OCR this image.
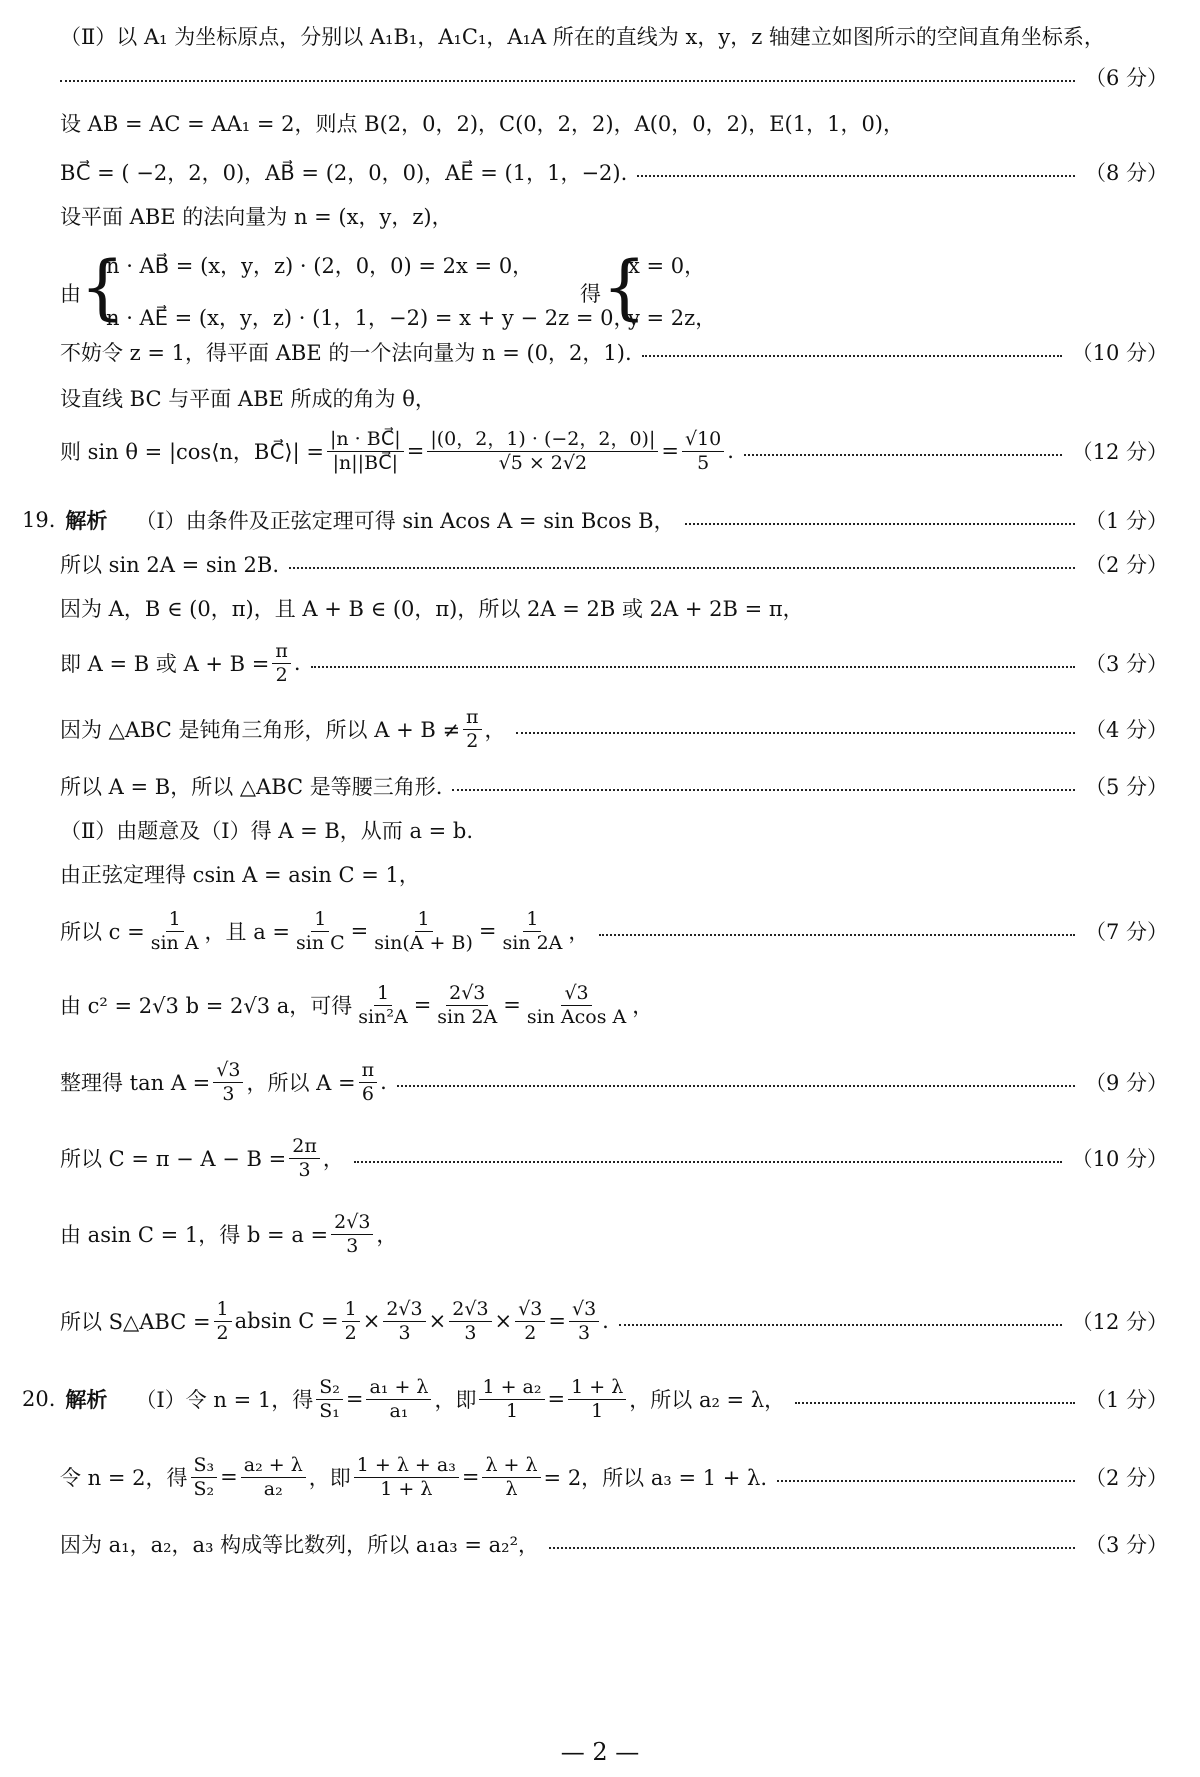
（Ⅱ）以 A₁ 为坐标原点，分别以 A₁B₁，A₁C₁，A₁A 所在的直线为 x，y，z 轴建立如图所示的空间直角坐标系，
（6 分）
设 AB = AC = AA₁ = 2，则点 B(2，0，2)，C(0，2，2)，A(0，0，2)，E(1，1，0)，
BC⃗ = ( −2，2，0)，AB⃗ = (2，0，0)，AE⃗ = (1，1，−2).	（8 分）
设平面 ABE 的法向量为 n = (x，y，z)，
由 {
n · AB⃗ = (x，y，z) · (2，0，0) = 2x = 0，
n · AE⃗ = (x，y，z) · (1，1，−2) = x + y − 2z = 0，
得 {
x = 0，
y = 2z，
不妨令 z = 1，得平面 ABE 的一个法向量为 n = (0，2，1).	（10 分）
设直线 BC 与平面 ABE 所成的角为 θ，
则 sin θ = |cos⟨n，BC⃗⟩| = $\frac{|n \cdot BC⃗|}{|n||BC⃗|} = \frac{|(0,2,1) \cdot (-2,2,0)|}{√5 \times 2√2} = \frac{√10}{5}$ .	（12 分）
19. 解析 （Ⅰ）由条件及正弦定理可得 sin Acos A = sin Bcos B，	（1 分）
所以 sin 2A = sin 2B.	（2 分）
因为 A，B ∈ (0，π)，且 A + B ∈ (0，π)，所以 2A = 2B 或 2A + 2B = π，
即 A = B 或 $A + B = \frac{\pi}{2}$ .	（3 分）
因为 △ABC 是钝角三角形，所以 $A + B \ne \frac{\pi}{2}$ ，	（4 分）
所以 A = B，所以 △ABC 是等腰三角形.	（5 分）
（Ⅱ）由题意及（Ⅰ）得 A = B，从而 a = b.
由正弦定理得 csin A = asin C = 1，
所以 $c = \frac{1}{\text{sin A}}$ ，且 $a = \frac{1}{\text{sin C}} = \frac{1}{\sin(A + B)} = \frac{1}{\sin 2A}$ ，	（7 分）
由 c² = 2√3 b = 2√3 a，可得 $\frac{1}{\text{sin²A}} = \frac{2√3}{\sin 2A} = \frac{√3}{\text{sin Acos A}}$ ，
整理得 $\tan A = \frac{√3}{3}$ ，所以 $A = \frac{\pi}{6}$ .	（9 分）
所以 $C = \pi - A - B = \frac{2\pi}{3}$ ，	（10 分）
由 asin C = 1，得 $b = a = \frac{2√3}{3}$ ，
所以 S△ABC = $\frac{1}{2}$ absin $C = \frac{1}{2} \times \frac{2√3}{3} \times \frac{2√3}{3} \times \frac{√3}{2} = \frac{√3}{3}$ .	（12 分）
20. 解析 （Ⅰ）令 n = 1，得 $\frac{\text{S₂}}{\text{S₁}} = \frac{\text{a₁ + λ}}{\text{a₁}}$ ，即 $\frac{\text{1 + a₂}}{1} = \frac{1 + \lambda}{1}$ ，所以 a₂ = λ，	（1 分）
令 n = 2，得 $\frac{\text{S₃}}{\text{S₂}} = \frac{\text{a₂ + λ}}{\text{a₂}}$ ，即 $\frac{\text{1 + λ + a₃}}{1 + \lambda} = \frac{\lambda + \lambda}{\lambda} = 2$，所以 a₃ = 1 + λ.	（2 分）
因为 a₁，a₂，a₃ 构成等比数列，所以 a₁a₃ = a₂²，	（3 分）
— 2 —
